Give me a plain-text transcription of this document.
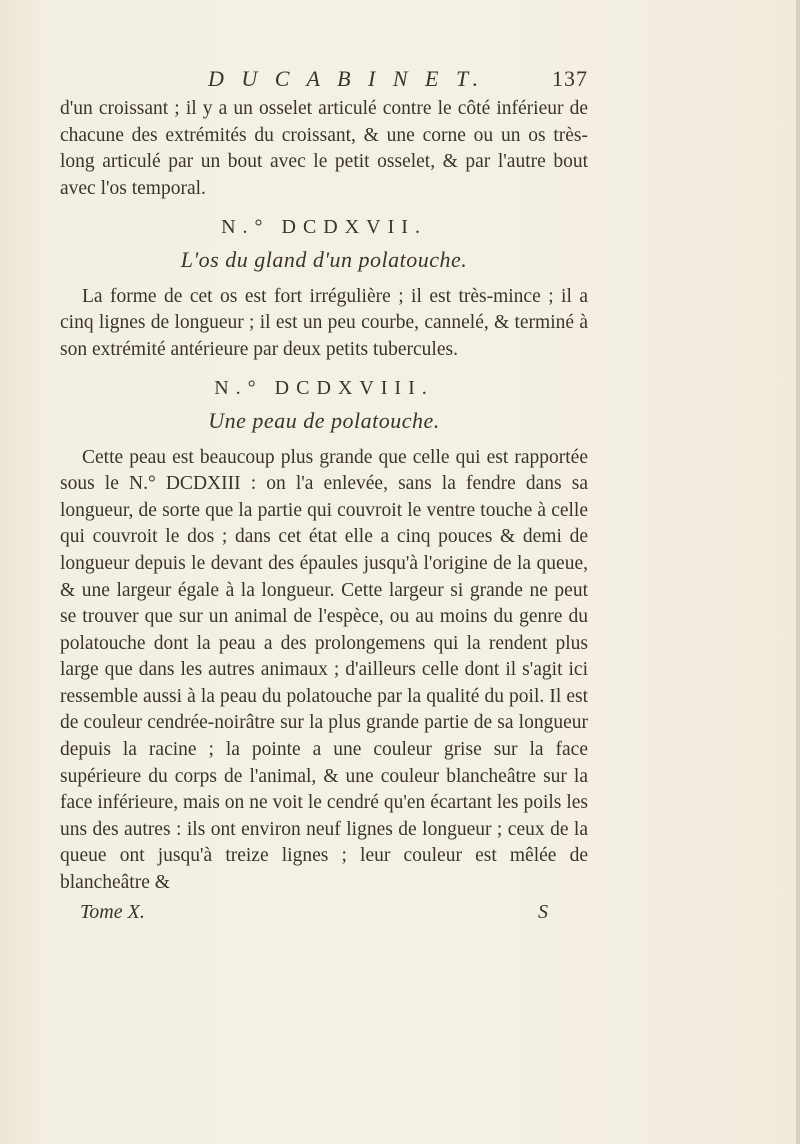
D U C A B I N E T.	137

d'un croissant ; il y a un osselet articulé contre le côté inférieur de chacune des extrémités du croissant, & une corne ou un os très-long articulé par un bout avec le petit osselet, & par l'autre bout avec l'os temporal.

N.° DCDXVII.
L'os du gland d'un polatouche.

La forme de cet os est fort irrégulière ; il est très-mince ; il a cinq lignes de longueur ; il est un peu courbe, cannelé, & terminé à son extrémité antérieure par deux petits tubercules.

N.° DCDXVIII.
Une peau de polatouche.

Cette peau est beaucoup plus grande que celle qui est rapportée sous le N.° DCDXIII : on l'a enlevée, sans la fendre dans sa longueur, de sorte que la partie qui couvroit le ventre touche à celle qui couvroit le dos ; dans cet état elle a cinq pouces & demi de longueur depuis le devant des épaules jusqu'à l'origine de la queue, & une largeur égale à la longueur. Cette largeur si grande ne peut se trouver que sur un animal de l'espèce, ou au moins du genre du polatouche dont la peau a des prolongemens qui la rendent plus large que dans les autres animaux ; d'ailleurs celle dont il s'agit ici ressemble aussi à la peau du polatouche par la qualité du poil. Il est de couleur cendrée-noirâtre sur la plus grande partie de sa longueur depuis la racine ; la pointe a une couleur grise sur la face supérieure du corps de l'animal, & une couleur blancheâtre sur la face inférieure, mais on ne voit le cendré qu'en écartant les poils les uns des autres : ils ont environ neuf lignes de longueur ; ceux de la queue ont jusqu'à treize lignes ; leur couleur est mêlée de blancheâtre &

Tome X.	S
